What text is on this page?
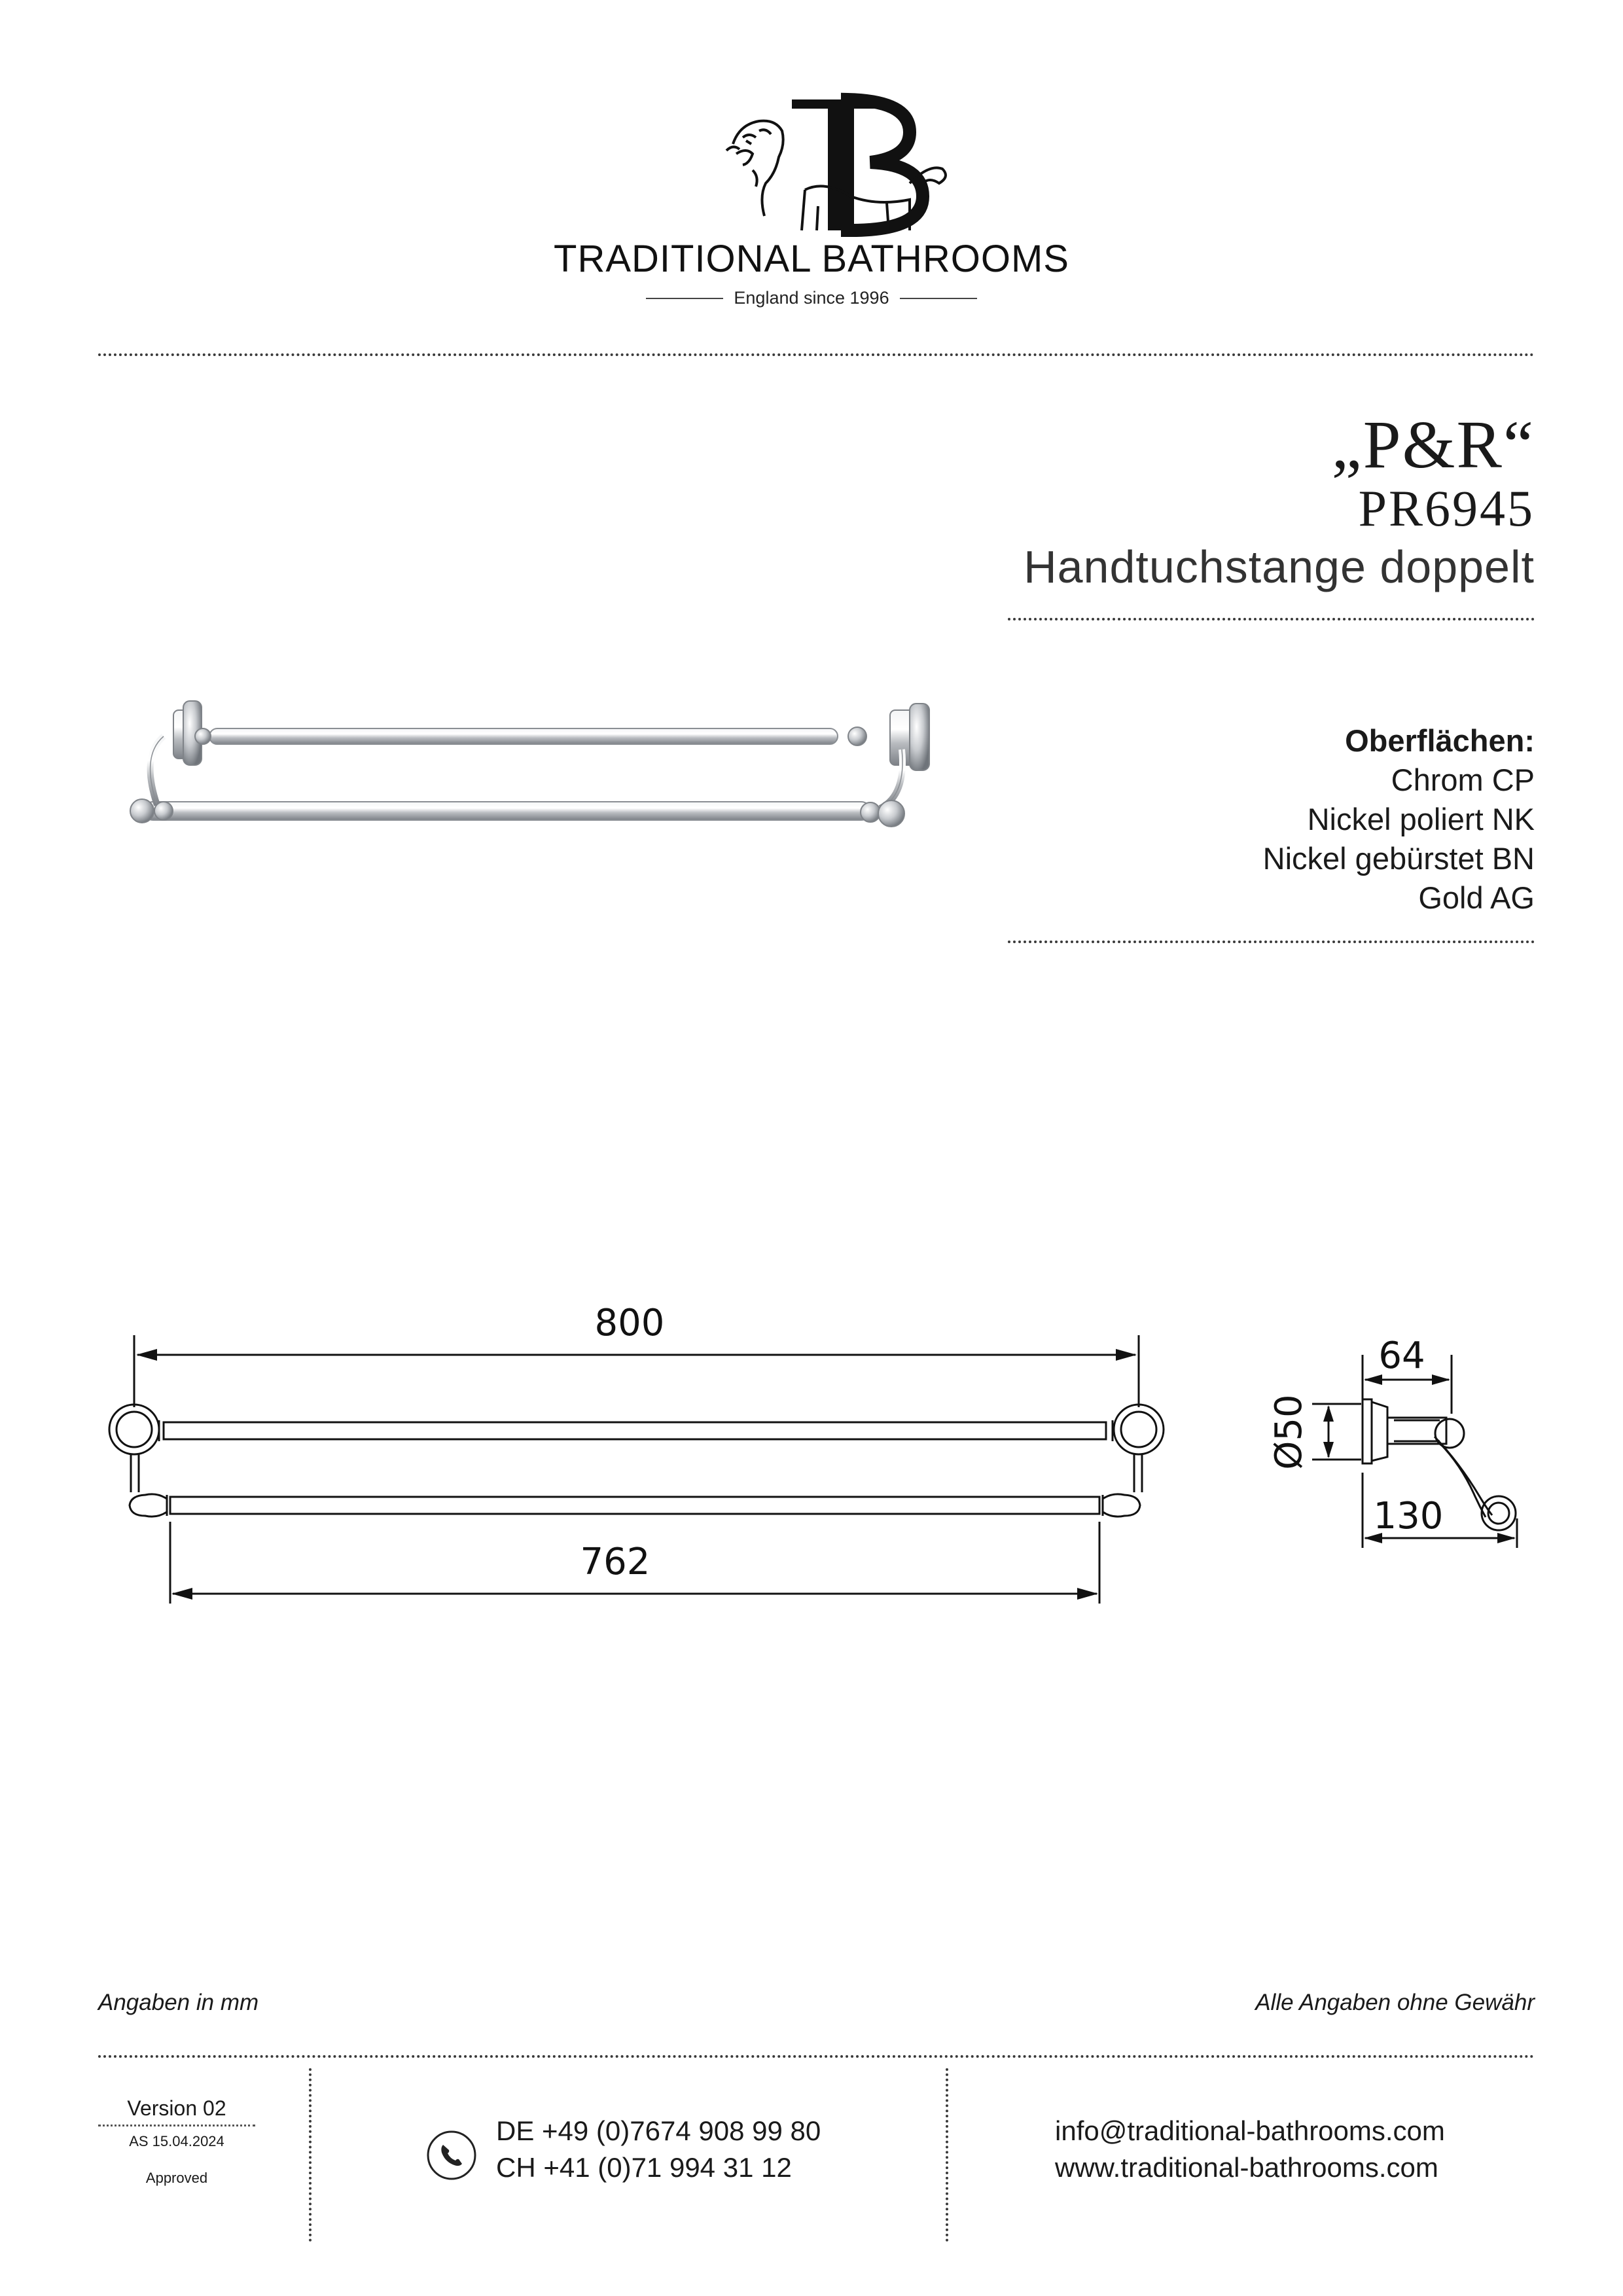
TRADITIONAL BATHROOMS
England since 1996
„P&R“
PR6945
Handtuchstange doppelt
Oberflächen:
Chrom CP
Nickel poliert NK
Nickel gebürstet BN
Gold AG
800
762
64
Ø50
130
Angaben in mm	Alle Angaben ohne Gewähr
Version 02
AS 15.04.2024
Approved
DE +49 (0)7674 908 99 80
CH +41 (0)71 994 31 12
info@traditional-bathrooms.com
www.traditional-bathrooms.com
